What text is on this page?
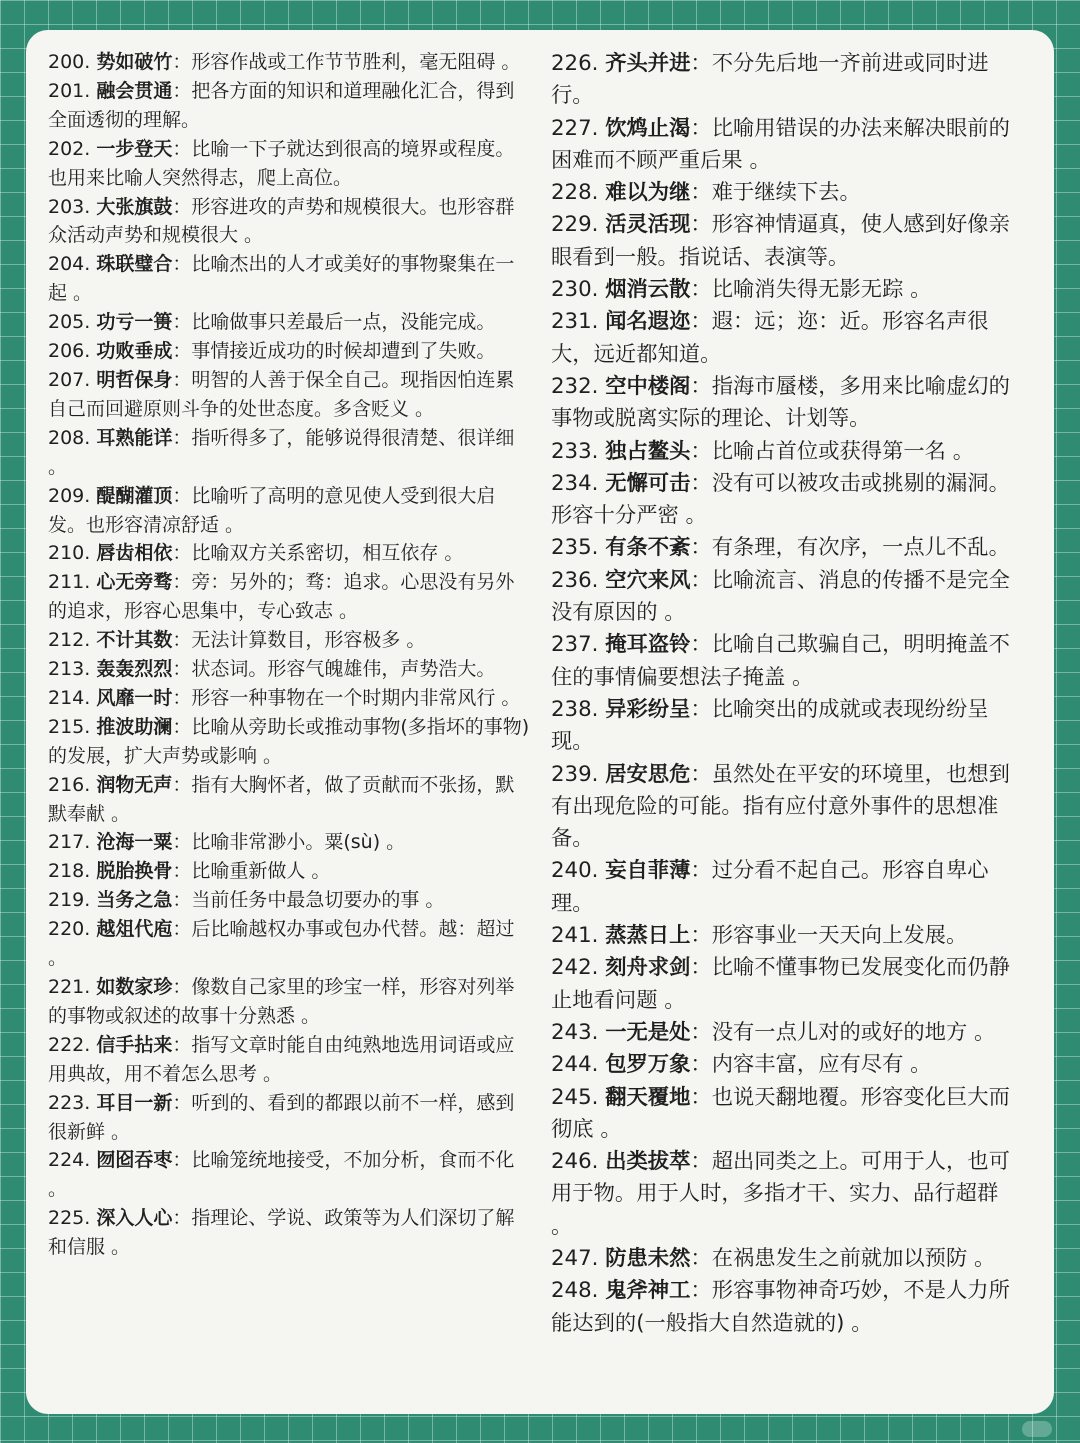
200. 势如破竹：形容作战或工作节节胜利，毫无阻碍 。

201. 融会贯通：把各方面的知识和道理融化汇合，得到全面透彻的理解。

202. 一步登天：比喻一下子就达到很高的境界或程度。也用来比喻人突然得志，爬上高位。

203. 大张旗鼓：形容进攻的声势和规模很大。也形容群众活动声势和规模很大 。

204. 珠联璧合：比喻杰出的人才或美好的事物聚集在一起 。

205. 功亏一篑：比喻做事只差最后一点，没能完成。

206. 功败垂成：事情接近成功的时候却遭到了失败。

207. 明哲保身：明智的人善于保全自己。现指因怕连累自己而回避原则斗争的处世态度。多含贬义 。

208. 耳熟能详：指听得多了，能够说得很清楚、很详细 。

209. 醍醐灌顶：比喻听了高明的意见使人受到很大启发。也形容清凉舒适 。

210. 唇齿相依：比喻双方关系密切，相互依存 。

211. 心无旁骛：旁：另外的；骛：追求。心思没有另外的追求，形容心思集中，专心致志 。

212. 不计其数：无法计算数目，形容极多 。

213. 轰轰烈烈：状态词。形容气魄雄伟，声势浩大。

214. 风靡一时：形容一种事物在一个时期内非常风行 。

215. 推波助澜：比喻从旁助长或推动事物(多指坏的事物)的发展，扩大声势或影响 。

216. 润物无声：指有大胸怀者，做了贡献而不张扬，默默奉献 。

217. 沧海一粟：比喻非常渺小。粟(sù) 。

218. 脱胎换骨：比喻重新做人 。

219. 当务之急：当前任务中最急切要办的事 。

220. 越俎代庖：后比喻越权办事或包办代替。越：超过 。

221. 如数家珍：像数自己家里的珍宝一样，形容对列举的事物或叙述的故事十分熟悉 。

222. 信手拈来：指写文章时能自由纯熟地选用词语或应用典故，用不着怎么思考 。

223. 耳目一新：听到的、看到的都跟以前不一样，感到很新鲜 。

224. 囫囵吞枣：比喻笼统地接受，不加分析，食而不化 。

225. 深入人心：指理论、学说、政策等为人们深切了解和信服 。

226. 齐头并进：不分先后地一齐前进或同时进行。

227. 饮鸩止渴：比喻用错误的办法来解决眼前的困难而不顾严重后果 。

228. 难以为继：难于继续下去。

229. 活灵活现：形容神情逼真，使人感到好像亲眼看到一般。指说话、表演等。

230. 烟消云散：比喻消失得无影无踪 。

231. 闻名遐迩：遐：远；迩：近。形容名声很大，远近都知道。

232. 空中楼阁：指海市蜃楼，多用来比喻虚幻的事物或脱离实际的理论、计划等。

233. 独占鳌头：比喻占首位或获得第一名 。

234. 无懈可击：没有可以被攻击或挑剔的漏洞。形容十分严密 。

235. 有条不紊：有条理，有次序，一点儿不乱。

236. 空穴来风：比喻流言、消息的传播不是完全没有原因的 。

237. 掩耳盗铃：比喻自己欺骗自己，明明掩盖不住的事情偏要想法子掩盖 。

238. 异彩纷呈：比喻突出的成就或表现纷纷呈现。

239. 居安思危：虽然处在平安的环境里，也想到有出现危险的可能。指有应付意外事件的思想准备。

240. 妄自菲薄：过分看不起自己。形容自卑心理。

241. 蒸蒸日上：形容事业一天天向上发展。

242. 刻舟求剑：比喻不懂事物已发展变化而仍静止地看问题 。

243. 一无是处：没有一点儿对的或好的地方 。

244. 包罗万象：内容丰富，应有尽有 。

245. 翻天覆地：也说天翻地覆。形容变化巨大而彻底 。

246. 出类拔萃：超出同类之上。可用于人，也可用于物。用于人时，多指才干、实力、品行超群 。

247. 防患未然：在祸患发生之前就加以预防 。

248. 鬼斧神工：形容事物神奇巧妙，不是人力所能达到的(一般指大自然造就的) 。
